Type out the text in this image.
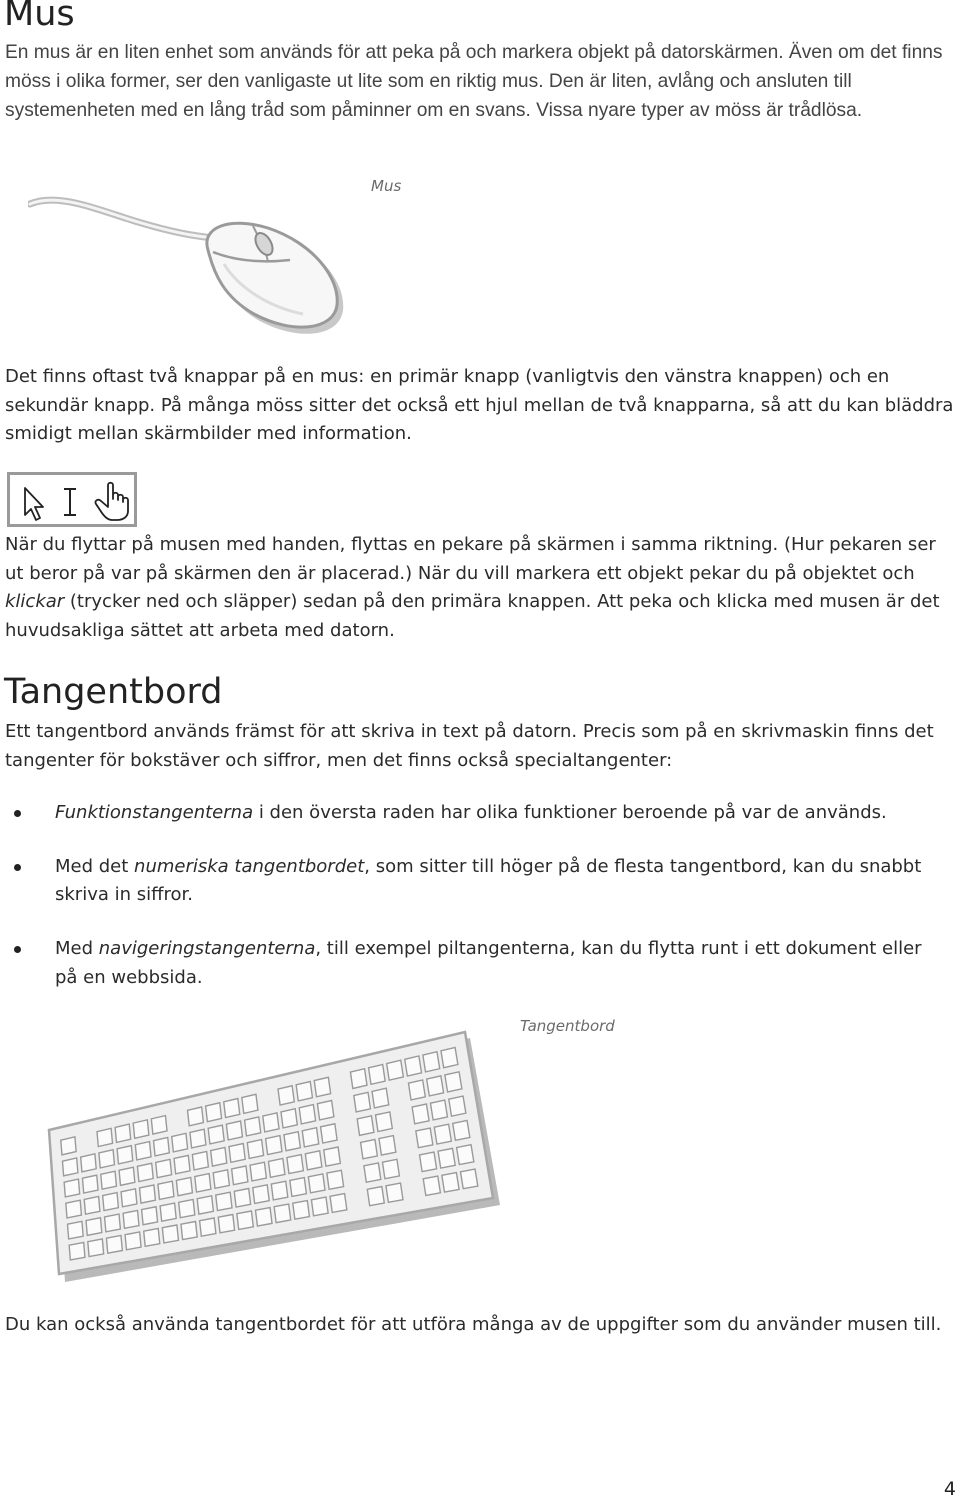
Mus

En mus är en liten enhet som används för att peka på och markera objekt på datorskärmen. Även om det finns möss i olika former, ser den vanligaste ut lite som en riktig mus. Den är liten, avlång och ansluten till systemenheten med en lång tråd som påminner om en svans. Vissa nyare typer av möss är trådlösa.

Mus

Det finns oftast två knappar på en mus: en primär knapp (vanligtvis den vänstra knappen) och en sekundär knapp. På många möss sitter det också ett hjul mellan de två knapparna, så att du kan bläddra smidigt mellan skärmbilder med information.

När du flyttar på musen med handen, flyttas en pekare på skärmen i samma riktning. (Hur pekaren ser ut beror på var på skärmen den är placerad.) När du vill markera ett objekt pekar du på objektet och klickar (trycker ned och släpper) sedan på den primära knappen. Att peka och klicka med musen är det huvudsakliga sättet att arbeta med datorn.

Tangentbord

Ett tangentbord används främst för att skriva in text på datorn. Precis som på en skrivmaskin finns det tangenter för bokstäver och siffror, men det finns också specialtangenter:

Funktionstangenterna i den översta raden har olika funktioner beroende på var de används.
Med det numeriska tangentbordet, som sitter till höger på de flesta tangentbord, kan du snabbt skriva in siffror.
Med navigeringstangenterna, till exempel piltangenterna, kan du flytta runt i ett dokument eller på en webbsida.

Tangentbord

Du kan också använda tangentbordet för att utföra många av de uppgifter som du använder musen till.

4
